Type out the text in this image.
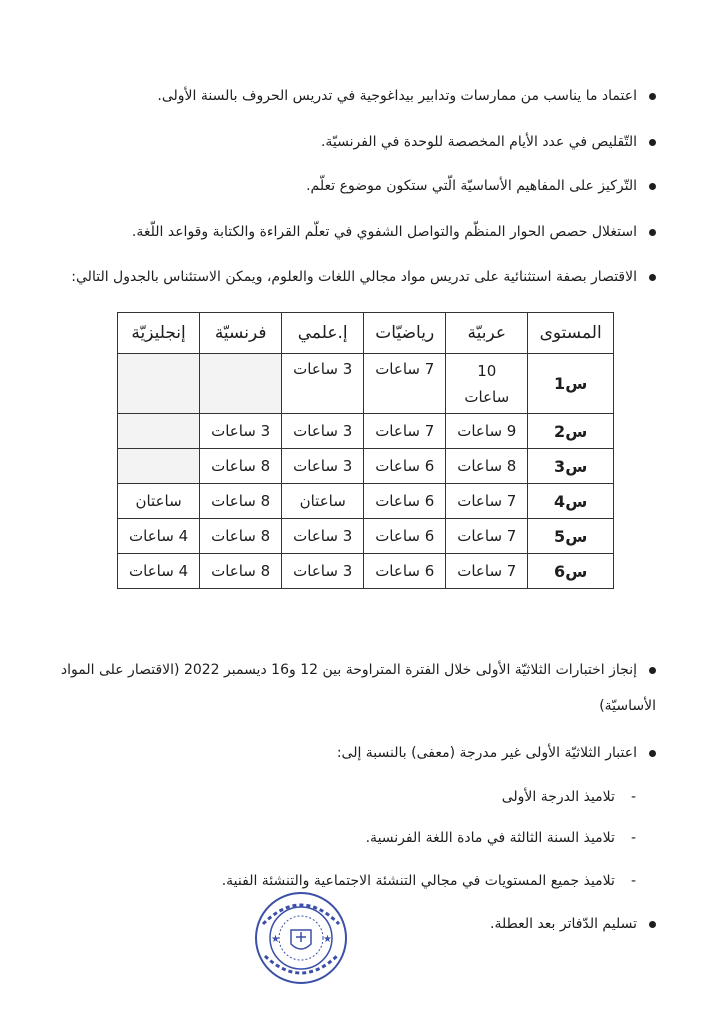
اعتماد ما يناسب من ممارسات وتدابير بيداغوجية في تدريس الحروف بالسنة الأولى.
التّقليص في عدد الأيام المخصصة للوحدة في الفرنسيّة.
التّركيز على المفاهيم الأساسيّة الّتي ستكون موضوع تعلّم.
استغلال حصص الحوار المنظّم والتواصل الشفوي في تعلّم القراءة والكتابة وقواعد اللّغة.
الاقتصار بصفة استثنائية على تدريس مواد مجالي اللغات والعلوم، ويمكن الاستئناس بالجدول التالي:
المستوى	عربيّة	رياضيّات	إ.علمي	فرنسيّة	إنجليزيّة
س1	10 ساعات	7 ساعات	3 ساعات		
س2	9 ساعات	7 ساعات	3 ساعات	3 ساعات	
س3	8 ساعات	6 ساعات	3 ساعات	8 ساعات	
س4	7 ساعات	6 ساعات	ساعتان	8 ساعات	ساعتان
س5	7 ساعات	6 ساعات	3 ساعات	8 ساعات	4 ساعات
س6	7 ساعات	6 ساعات	3 ساعات	8 ساعات	4 ساعات
إنجاز اختبارات الثلاثيّة الأولى خلال الفترة المتراوحة بين 12 و16 ديسمبر 2022 (الاقتصار على المواد الأساسيّة)
اعتبار الثلاثيّة الأولى غير مدرجة (معفى) بالنسبة إلى:
-تلاميذ الدرجة الأولى
-تلاميذ السنة الثالثة في مادة اللغة الفرنسية.
-تلاميذ جميع المستويات في مجالي التنشئة الاجتماعية والتنشئة الفنية.
تسليم الدّفاتر بعد العطلة.
★	★
